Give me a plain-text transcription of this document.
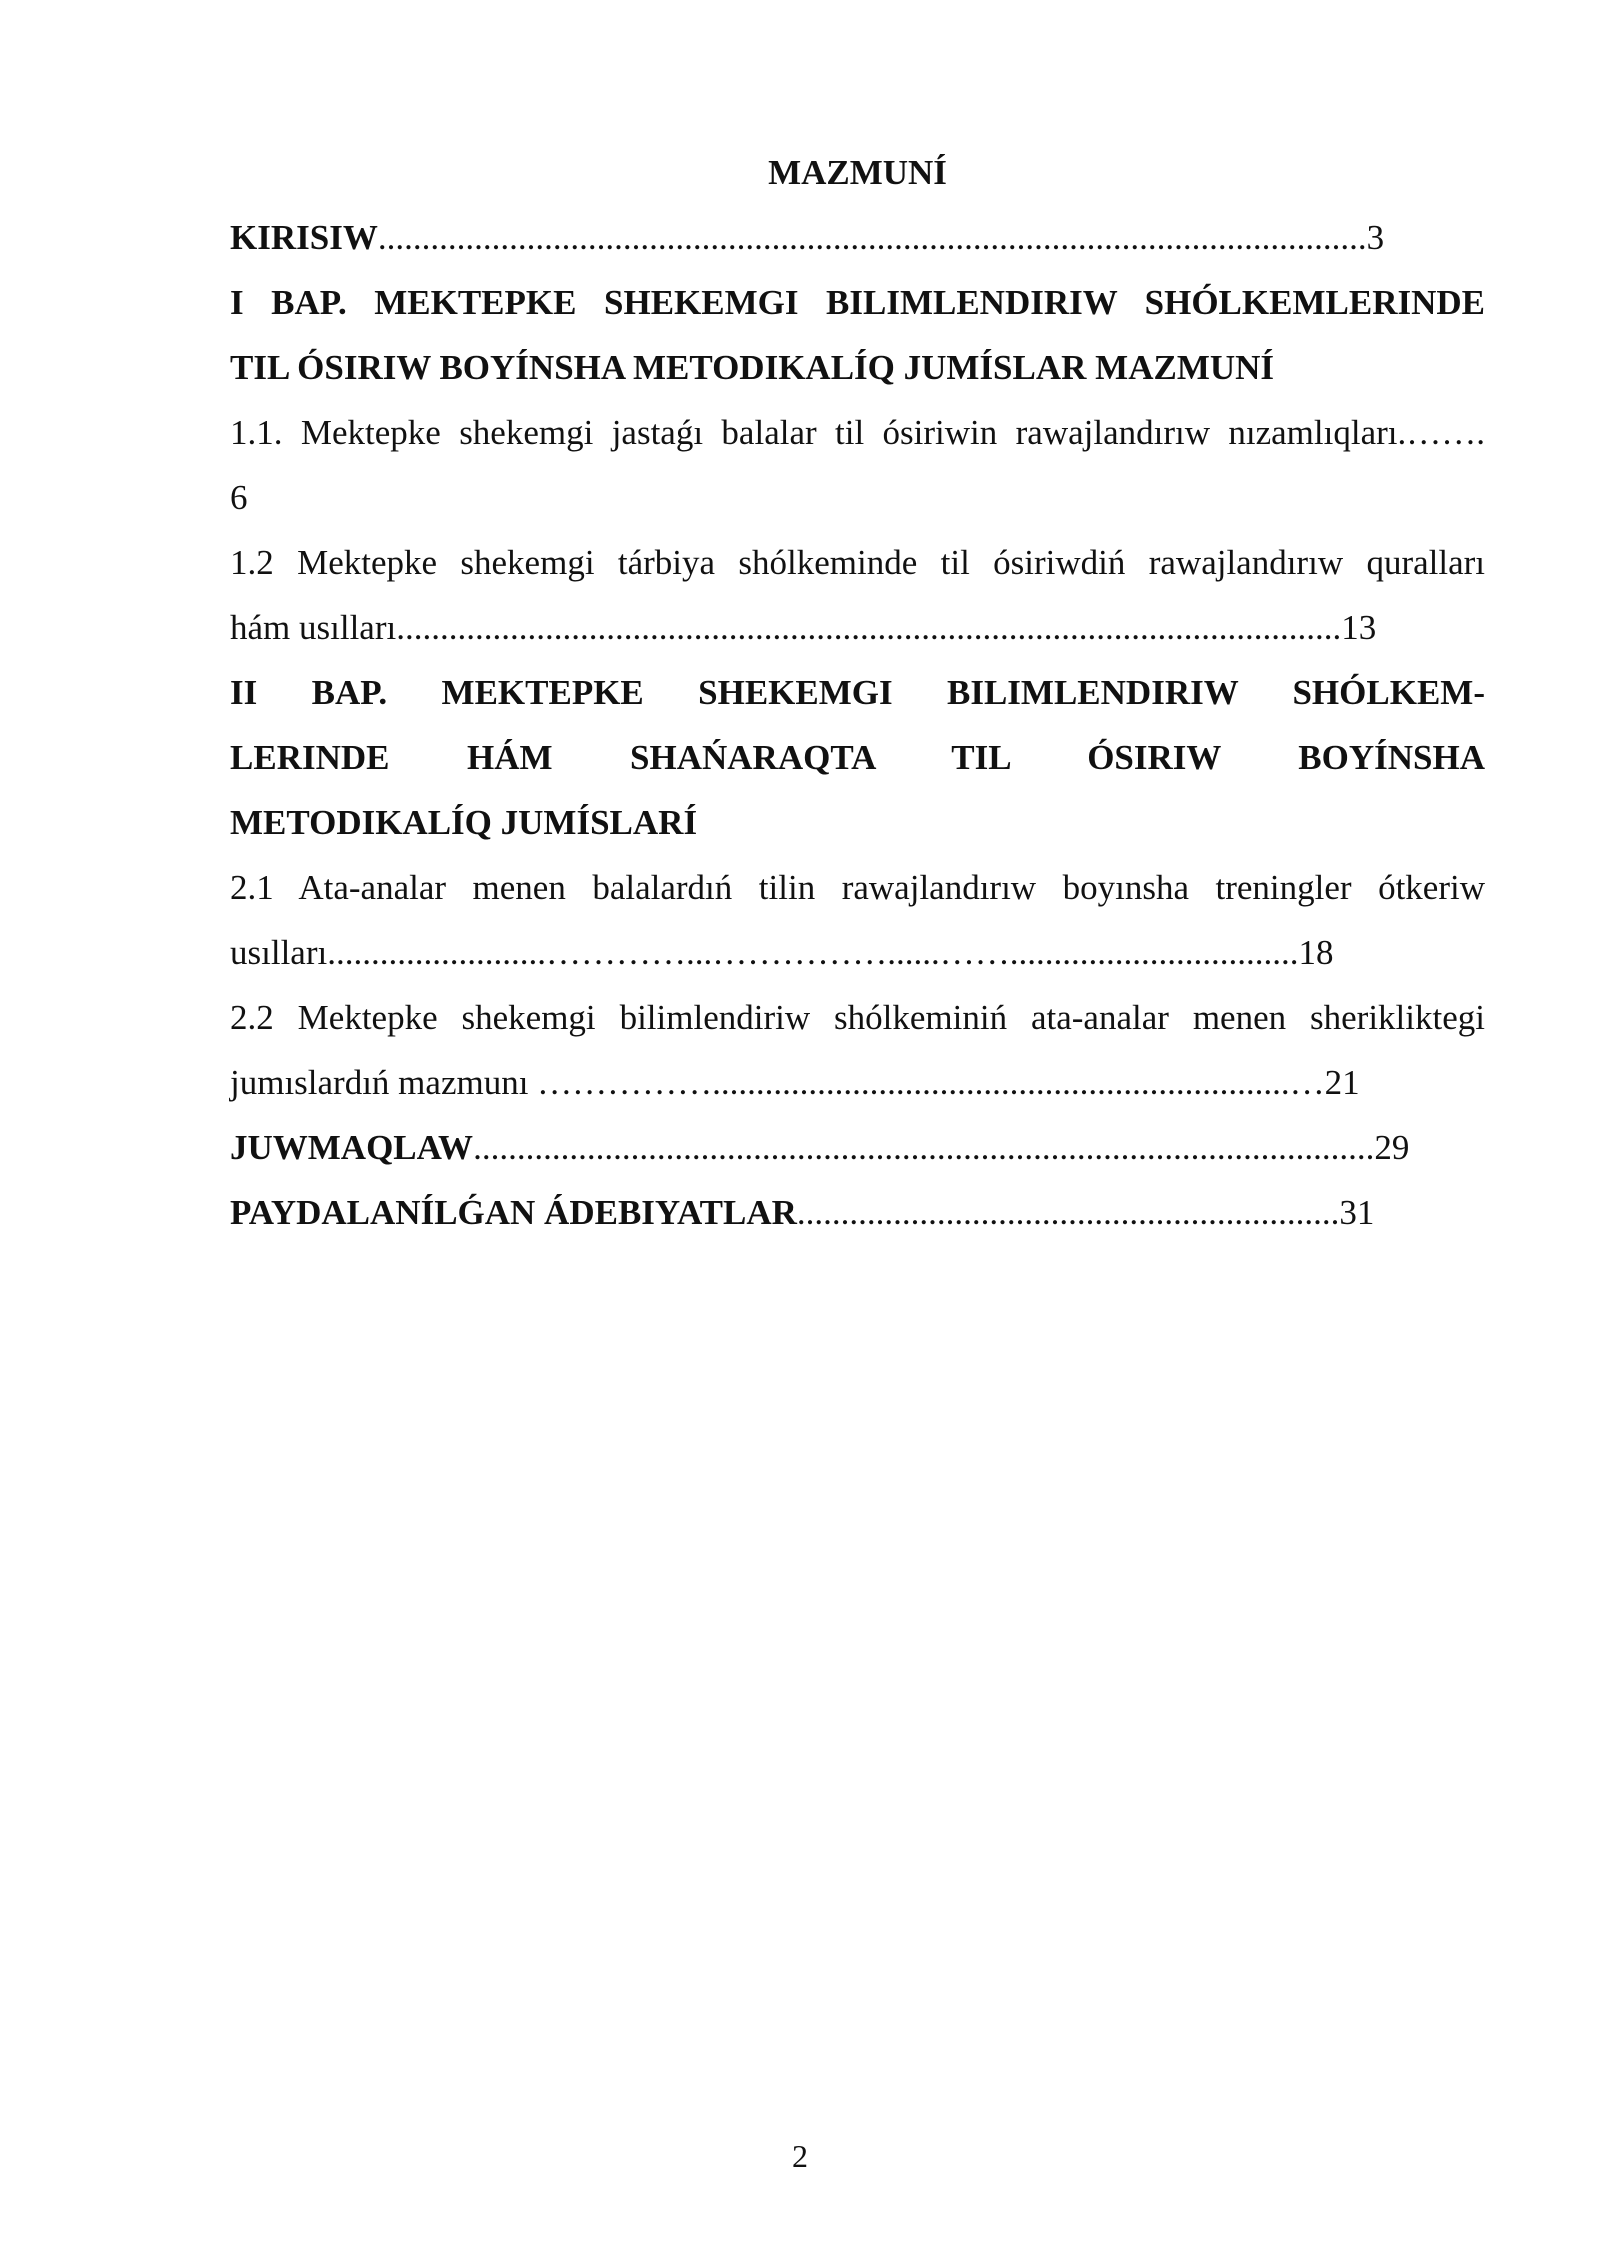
MAZMUNÍ

KIRISIW.................................................................................................................3

I BAP. MEKTEPKE SHEKEMGI BILIMLENDIRIW SHÓLKEMLERINDE

TIL ÓSIRIW BOYÍNSHA METODIKALÍQ JUMÍSLAR MAZMUNÍ

1.1. Mektepke shekemgi jastaǵı balalar til ósiriwin rawajlandırıw nızamlıqları.…….

6

1.2 Mektepke shekemgi tárbiya shólkeminde til ósiriwdiń rawajlandırıw quralları

hám usılları............................................................................................................13

II BAP. MEKTEPKE SHEKEMGI BILIMLENDIRIW SHÓLKEM-

LERINDE HÁM SHAŃARAQTA TIL ÓSIRIW BOYÍNSHA

METODIKALÍQ JUMÍSLARÍ

2.1 Ata-analar menen balalardıń tilin rawajlandırıw boyınsha treningler ótkeriw

usılları.........................…………...……………......…….................................18

2.2 Mektepke shekemgi bilimlendiriw shólkeminiń ata-analar menen sherikliktegi

jumıslardıń mazmunı ……………..................................................................…21

JUWMAQLAW.......................................................................................................29

PAYDALANÍLǴAN ÁDEBIYATLAR..............................................................31

2
